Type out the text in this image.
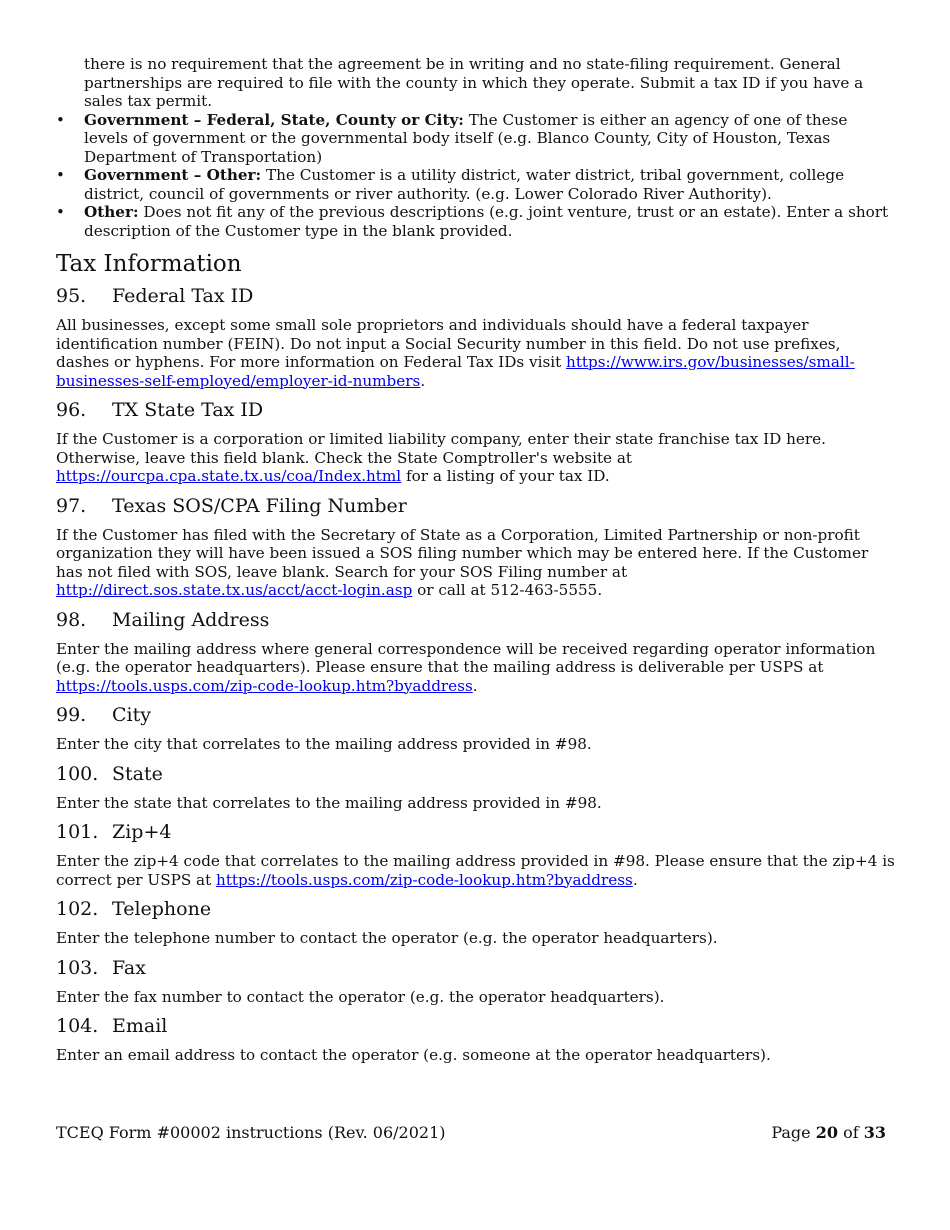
there is no requirement that the agreement be in writing and no state-filing requirement. General partnerships are required to file with the county in which they operate. Submit a tax ID if you have a sales tax permit.

• Government – Federal, State, County or City: The Customer is either an agency of one of these levels of government or the governmental body itself (e.g. Blanco County, City of Houston, Texas Department of Transportation)
• Government – Other: The Customer is a utility district, water district, tribal government, college district, council of governments or river authority. (e.g. Lower Colorado River Authority).
• Other: Does not fit any of the previous descriptions (e.g. joint venture, trust or an estate). Enter a short description of the Customer type in the blank provided.
Tax Information
95.	Federal Tax ID

All businesses, except some small sole proprietors and individuals should have a federal taxpayer identification number (FEIN). Do not input a Social Security number in this field. Do not use prefixes, dashes or hyphens. For more information on Federal Tax IDs visit https://www.irs.gov/businesses/small-businesses-self-employed/employer-id-numbers.

96.	TX State Tax ID

If the Customer is a corporation or limited liability company, enter their state franchise tax ID here. Otherwise, leave this field blank. Check the State Comptroller's website at https://ourcpa.cpa.state.tx.us/coa/Index.html for a listing of your tax ID.

97.	Texas SOS/CPA Filing Number

If the Customer has filed with the Secretary of State as a Corporation, Limited Partnership or non-profit organization they will have been issued a SOS filing number which may be entered here. If the Customer has not filed with SOS, leave blank. Search for your SOS Filing number at http://direct.sos.state.tx.us/acct/acct-login.asp or call at 512-463-5555.

98.	Mailing Address

Enter the mailing address where general correspondence will be received regarding operator information (e.g. the operator headquarters). Please ensure that the mailing address is deliverable per USPS at https://tools.usps.com/zip-code-lookup.htm?byaddress.

99.	City

Enter the city that correlates to the mailing address provided in #98.

100. State

Enter the state that correlates to the mailing address provided in #98.

101. Zip+4

Enter the zip+4 code that correlates to the mailing address provided in #98. Please ensure that the zip+4 is correct per USPS at https://tools.usps.com/zip-code-lookup.htm?byaddress.

102. Telephone

Enter the telephone number to contact the operator (e.g. the operator headquarters).

103. Fax

Enter the fax number to contact the operator (e.g. the operator headquarters).

104. Email

Enter an email address to contact the operator (e.g. someone at the operator headquarters).

TCEQ Form #00002 instructions (Rev. 06/2021)	Page 20 of 33
